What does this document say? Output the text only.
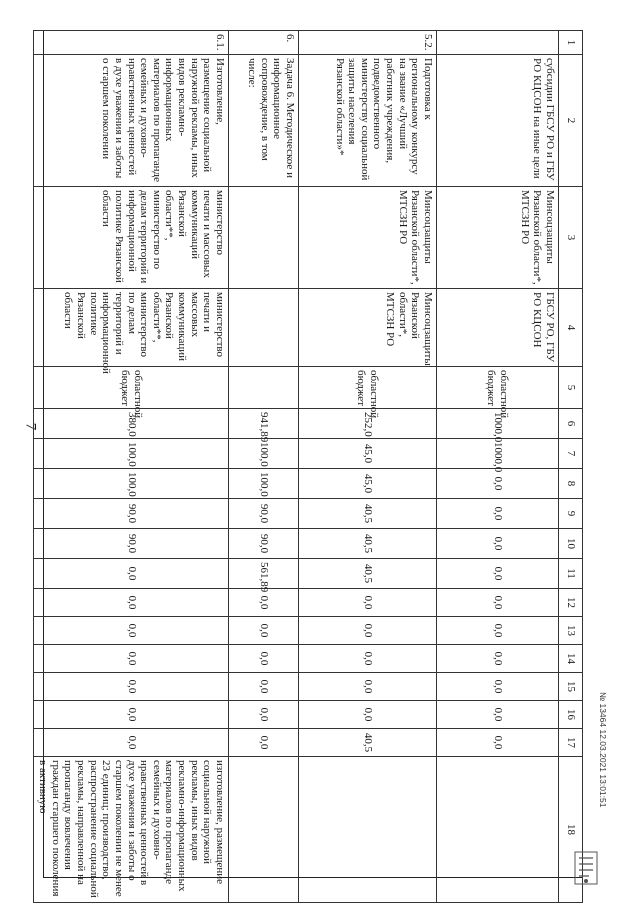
7
1	2	3	4	5	6	7	8	9	10	11	12	13	14	15	16	17	18
	субсидии ГБСУ РО и ГБУ РО КЦСОН на иные цели	Минсоцзащиты Рязанской области*, МТСЗН РО	ГБСУ РО, ГБУ РО КЦСОН	областной бюджет	1000,0	1000,0	0,0	0,0	0,0	0,0	0,0	0,0	0,0	0,0	0,0	0,0	
5.2.	Подготовка к региональному конкурсу на звание «Лучший работник учреждения, подведомственного министерству социальной защиты населения Рязанской области»*	Минсоцзащиты Рязанской области*, МТСЗН РО	Минсоцзащиты Рязанской области*, МТСЗН РО	областной бюджет	252,0	45,0	45,0	40,5	40,5	40,5	0,0	0,0	0,0	0,0	0,0	40,5	
6.	Задача 6. Методическое и информационное сопровождение, в том числе:				941,89	100,0	100,0	90,0	90,0	561,89	0,0	0,0	0,0	0,0	0,0	0,0	
6.1.	Изготовление, размещение социальной наружной рекламы, иных видов рекламно-информационных материалов по пропаганде семейных и духовно-нравственных ценностей в духе уважения и заботы о старшем поколении	министерство печати и массовых коммуникаций Рязанской области**, министерство по делам территорий и информационной политике Рязанской области	министерство печати и массовых коммуникаций Рязанской области**, министерство по делам территорий и информационной политике Рязанской области	областной бюджет	380,0	100,0	100,0	90,0	90,0	0,0	0,0	0,0	0,0	0,0	0,0	0,0	изготовление, размещение социальной наружной рекламы, иных видов рекламно-информационных материалов по пропаганде семейных и духовно-нравственных ценностей в духе уважения и заботы о старшем поколении не менее 23 единиц; производство, распространение социальной рекламы, направленной на пропаганду вовлечения граждан старшего поколения в активную	№ 13464 12.03.2021 13:01:51
